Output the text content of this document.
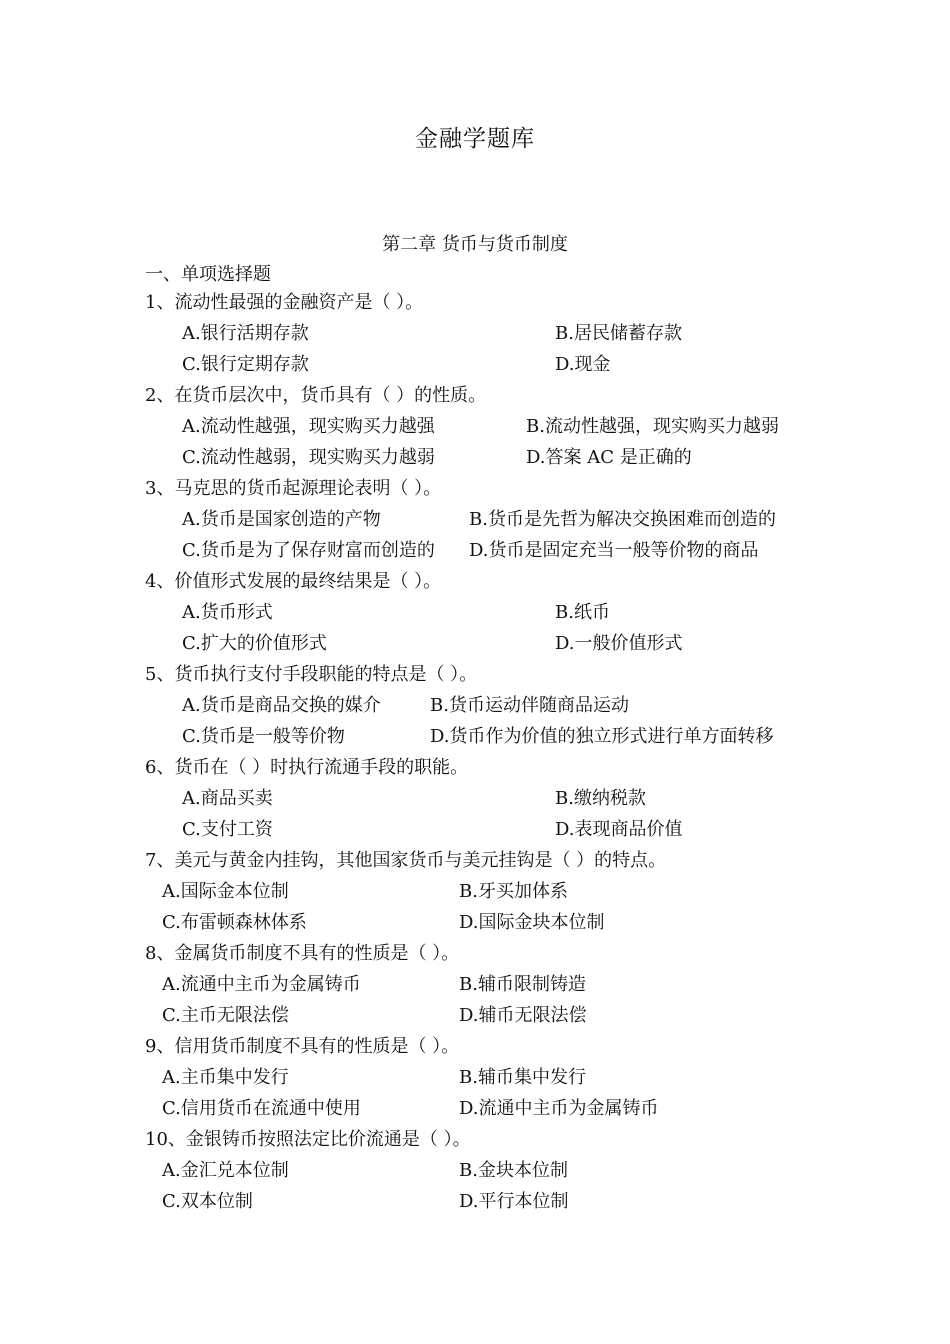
金融学题库
第二章 货币与货币制度
一、单项选择题
1、流动性最强的金融资产是（ ）。
A.银行活期存款	B.居民储蓄存款
C.银行定期存款	D.现金
2、在货币层次中，货币具有（ ）的性质。
A.流动性越强，现实购买力越强	B.流动性越强，现实购买力越弱
C.流动性越弱，现实购买力越弱	D.答案 AC 是正确的
3、马克思的货币起源理论表明（ ）。
A.货币是国家创造的产物	B.货币是先哲为解决交换困难而创造的
C.货币是为了保存财富而创造的 D.货币是固定充当一般等价物的商品
4、价值形式发展的最终结果是（ ）。
A.货币形式	B.纸币
C.扩大的价值形式	D.一般价值形式
5、货币执行支付手段职能的特点是（ ）。
A.货币是商品交换的媒介	B.货币运动伴随商品运动
C.货币是一般等价物	D.货币作为价值的独立形式进行单方面转移
6、货币在（ ）时执行流通手段的职能。
A.商品买卖	B.缴纳税款
C.支付工资	D.表现商品价值
7、美元与黄金内挂钩，其他国家货币与美元挂钩是（ ）的特点。
A.国际金本位制	B.牙买加体系
C.布雷顿森林体系	D.国际金块本位制
8、金属货币制度不具有的性质是（ ）。
A.流通中主币为金属铸币	B.辅币限制铸造
C.主币无限法偿	D.辅币无限法偿
9、信用货币制度不具有的性质是（ ）。
A.主币集中发行	B.辅币集中发行
C.信用货币在流通中使用	D.流通中主币为金属铸币
10、金银铸币按照法定比价流通是（ ）。
A.金汇兑本位制	B.金块本位制
C.双本位制	D.平行本位制
